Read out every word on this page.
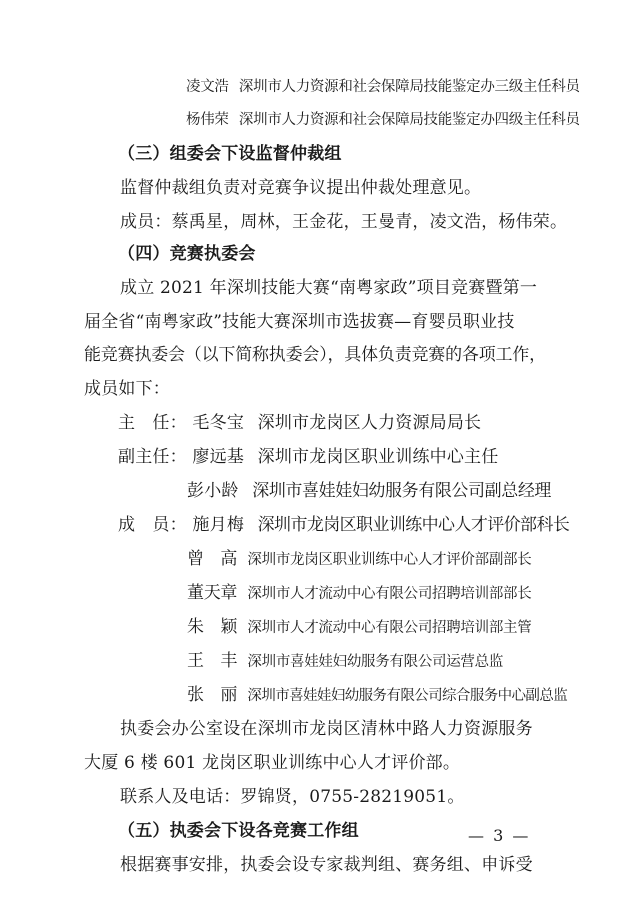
凌文浩 深圳市人力资源和社会保障局技能鉴定办三级主任科员
杨伟荣 深圳市人力资源和社会保障局技能鉴定办四级主任科员
（三）组委会下设监督仲裁组
监督仲裁组负责对竞赛争议提出仲裁处理意见。
成员：蔡禹星，周林，王金花，王曼青，凌文浩，杨伟荣。
（四）竞赛执委会
成立 2021 年深圳技能大赛“南粤家政”项目竞赛暨第一
届全省“南粤家政”技能大赛深圳市选拔赛—育婴员职业技
能竞赛执委会（以下简称执委会），具体负责竞赛的各项工作，
成员如下：
主　任： 毛冬宝 深圳市龙岗区人力资源局局长
副主任： 廖远基 深圳市龙岗区职业训练中心主任
彭小龄 深圳市喜娃娃妇幼服务有限公司副总经理
成　员： 施月梅 深圳市龙岗区职业训练中心人才评价部科长
曾　高 深圳市龙岗区职业训练中心人才评价部副部长
董天章 深圳市人才流动中心有限公司招聘培训部部长
朱　颖 深圳市人才流动中心有限公司招聘培训部主管
王　丰 深圳市喜娃娃妇幼服务有限公司运营总监
张　丽 深圳市喜娃娃妇幼服务有限公司综合服务中心副总监
执委会办公室设在深圳市龙岗区清林中路人力资源服务
大厦 6 楼 601 龙岗区职业训练中心人才评价部。
联系人及电话：罗锦贤，0755-28219051。
（五）执委会下设各竞赛工作组
根据赛事安排，执委会设专家裁判组、赛务组、申诉受
— 3 —
